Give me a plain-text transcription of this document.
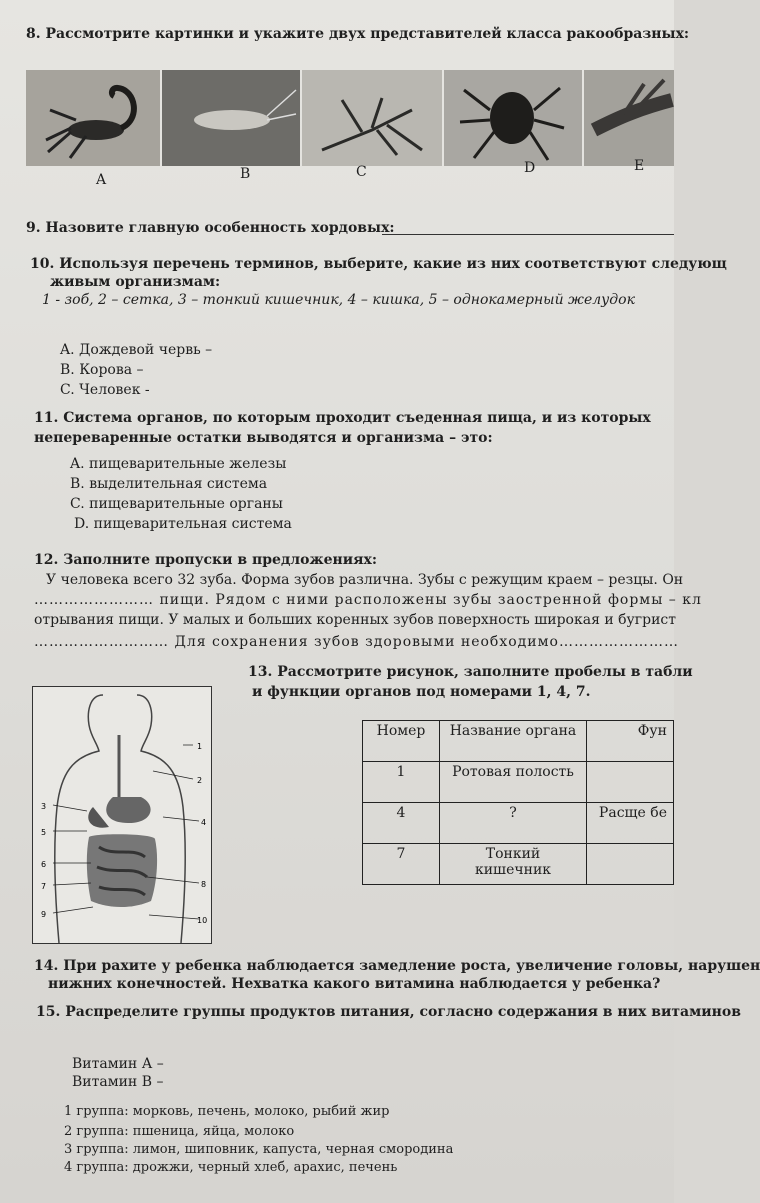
8. Рассмотрите картинки и укажите двух представителей класса ракообразных:
A	B	C	D	E
9. Назовите главную особенность хордовых:
10. Используя перечень терминов, выберите, какие из них соответствуют следующ
живым организмам:
1 - зоб, 2 – сетка, 3 – тонкий кишечник, 4 – кишка, 5 – однокамерный желудок
A. Дождевой червь –
B. Корова –
C. Человек -
11. Система органов, по которым проходит съеденная пища, и из которых
непереваренные остатки выводятся и организма – это:
A. пищеварительные железы
B. выделительная система
C. пищеварительные органы
D. пищеварительная система
12. Заполните пропуски в предложениях:
У человека всего 32 зуба. Форма зубов различна. Зубы с режущим краем – резцы. Он
…………………… пищи. Рядом с ними расположены зубы заостренной формы – кл
отрывания пищи. У малых и больших коренных зубов поверхность широкая и бугрист
……………………… Для сохранения зубов здоровыми необходимо……………………
13. Рассмотрите рисунок, заполните пробелы в табли
и функции органов под номерами 1, 4, 7.
1
2
3
4
5
6
7	8
9
10
Номер	Название органа	Фун
1	Ротовая полость	
4	?	Расще бе
7	Тонкий кишечник	
14. При рахите у ребенка наблюдается замедление роста, увеличение головы, нарушен
нижних конечностей. Нехватка какого витамина наблюдается у ребенка?
15. Распределите группы продуктов питания, согласно содержания в них витаминов
Витамин А –
Витамин В –
1 группа: морковь, печень, молоко, рыбий жир
2 группа: пшеница, яйца, молоко
3 группа: лимон, шиповник, капуста, черная смородина
4 группа: дрожжи, черный хлеб, арахис, печень
